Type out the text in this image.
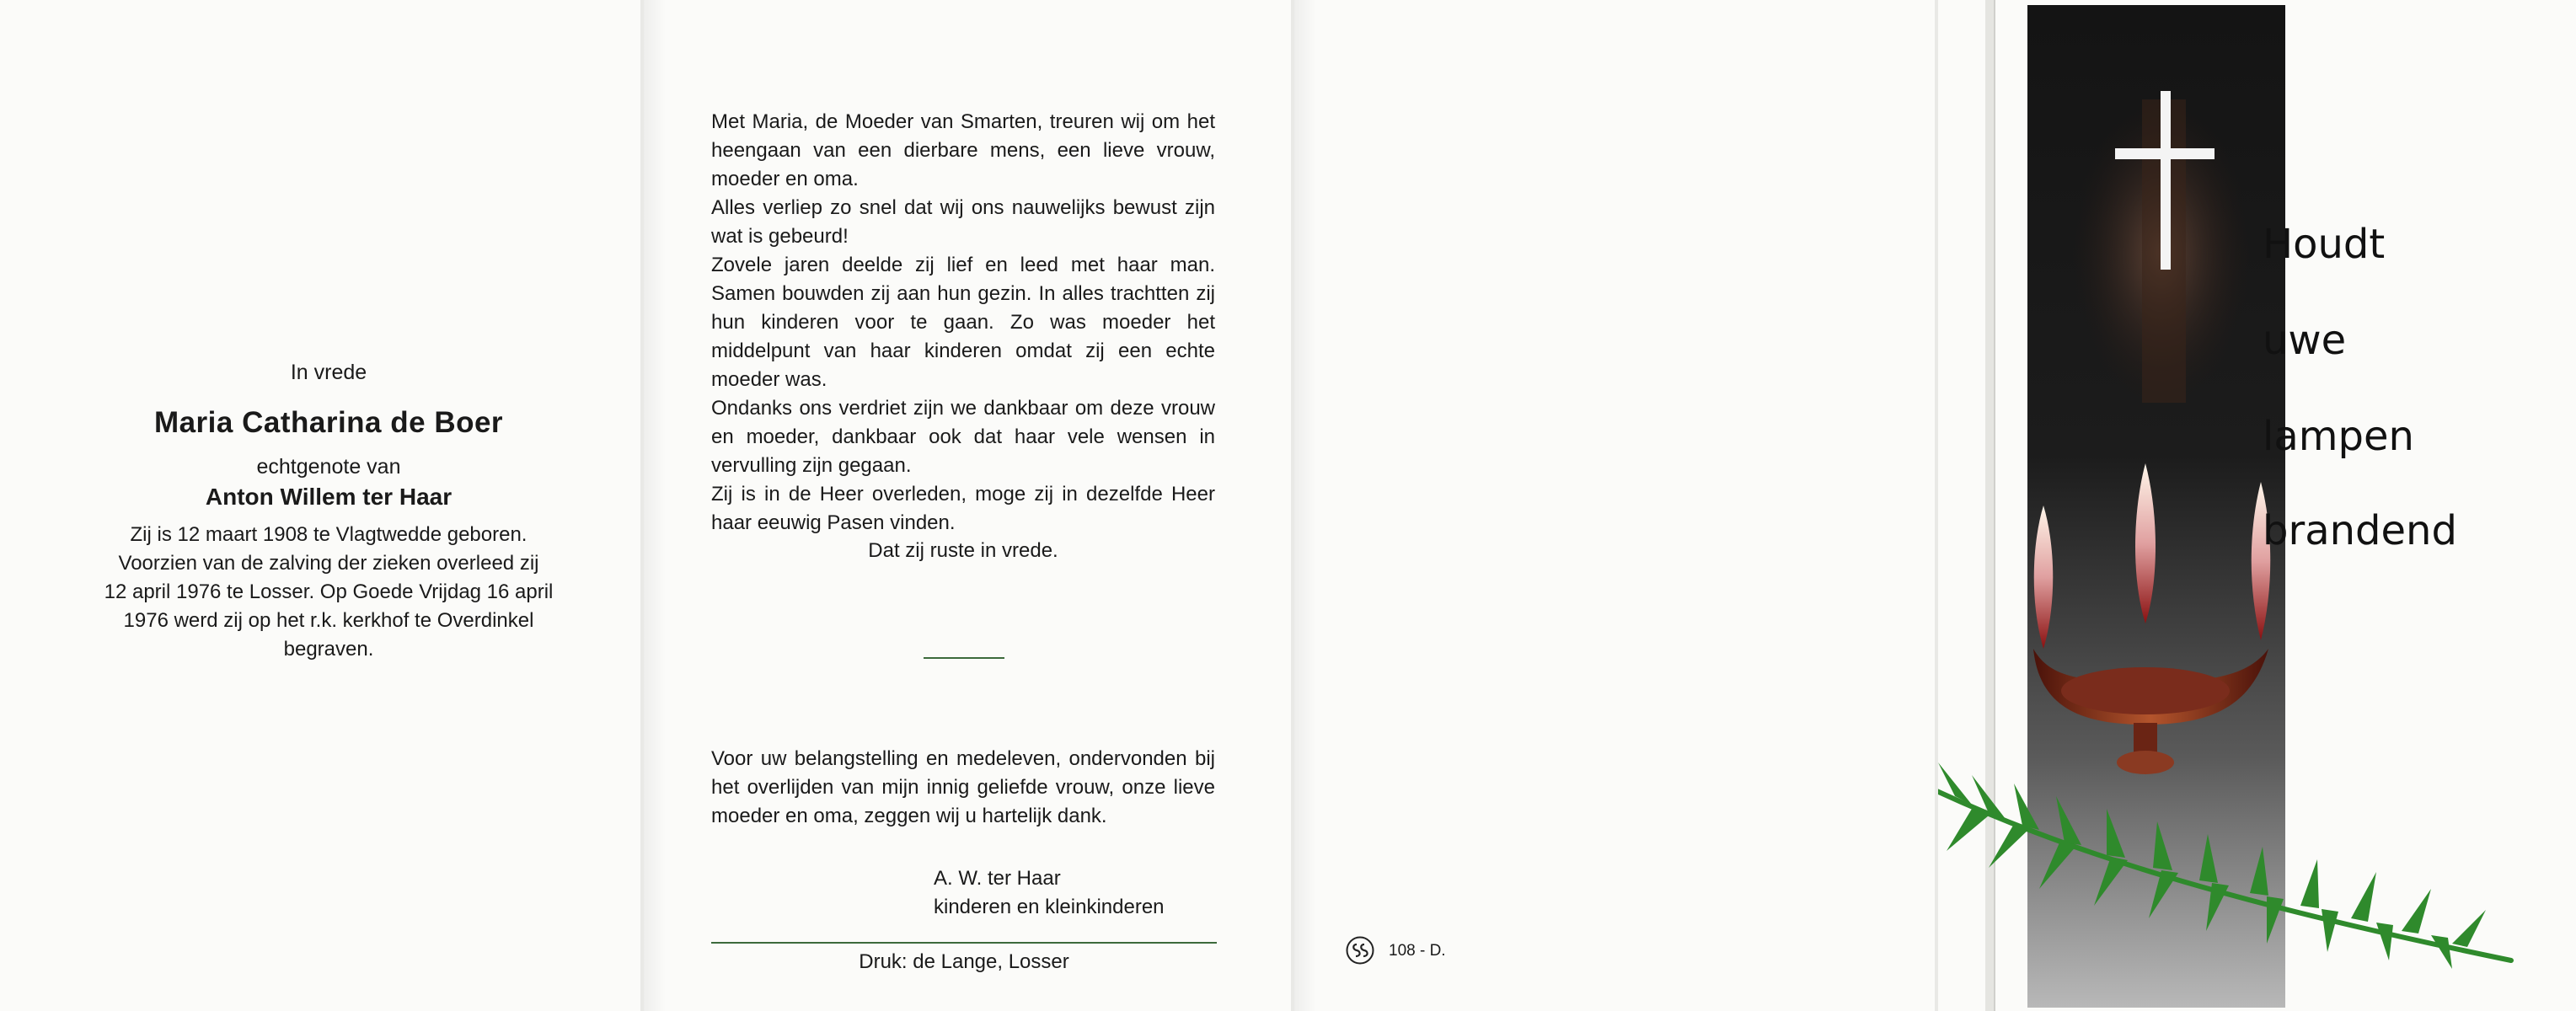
In vrede
Maria Catharina de Boer
echtgenote van
Anton Willem ter Haar
Zij is 12 maart 1908 te Vlagtwedde geboren.
Voorzien van de zalving der zieken overleed zij
12 april 1976 te Losser. Op Goede Vrijdag 16 april
1976 werd zij op het r.k. kerkhof te Overdinkel
begraven.

Met Maria, de Moeder van Smarten, treuren wij om het heengaan van een dierbare mens, een lieve vrouw, moeder en oma.

Alles verliep zo snel dat wij ons nauwelijks bewust zijn wat is gebeurd!

Zovele jaren deelde zij lief en leed met haar man. Samen bouwden zij aan hun gezin. In alles trachtten zij hun kinderen voor te gaan. Zo was moeder het middelpunt van haar kinderen omdat zij een echte moeder was.

Ondanks ons verdriet zijn we dankbaar om deze vrouw en moeder, dankbaar ook dat haar vele wensen in vervulling zijn gegaan.

Zij is in de Heer overleden, moge zij in dezelfde Heer haar eeuwig Pasen vinden.

Dat zij ruste in vrede.
Voor uw belangstelling en medeleven, ondervonden bij het overlijden van mijn innig geliefde vrouw, onze lieve moeder en oma, zeggen wij u hartelijk dank.
A. W. ter Haar
kinderen en kleinkinderen
Druk: de Lange, Losser	108 - D.
Houdt
uwe
lampen
brandend
